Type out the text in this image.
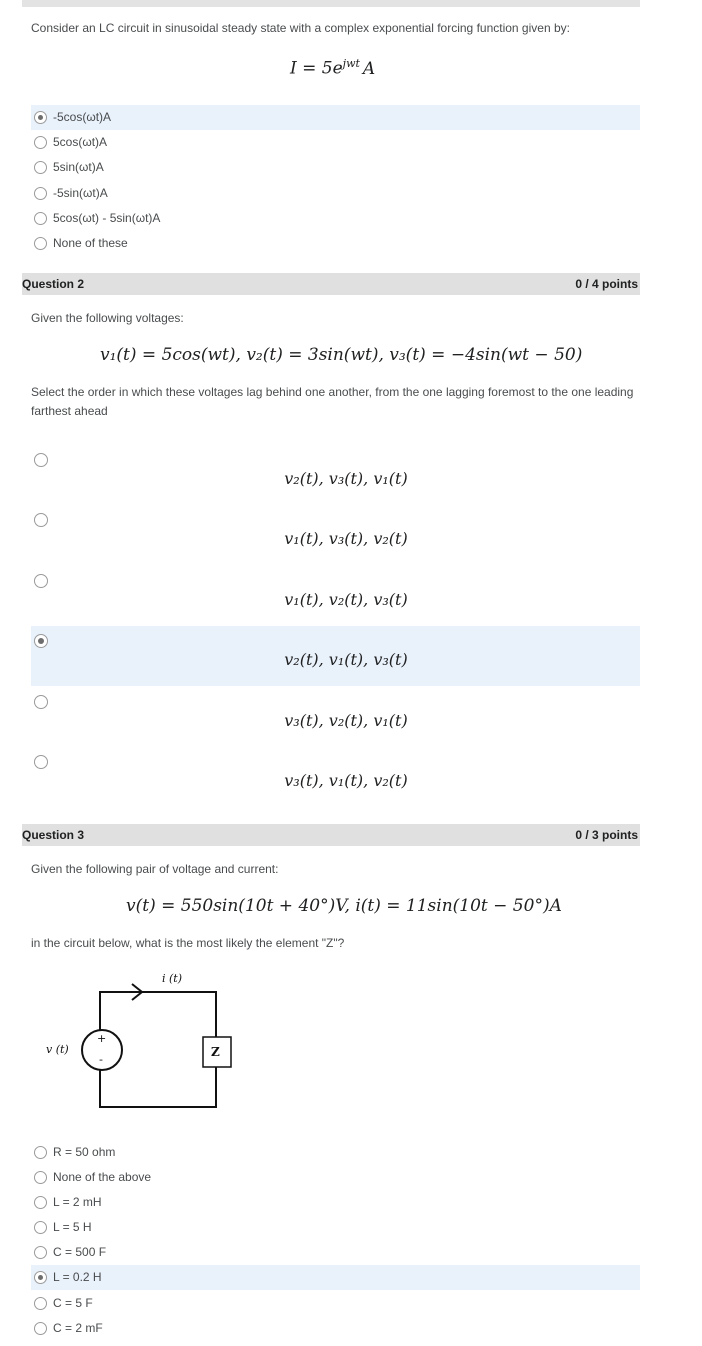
Consider an LC circuit in sinusoidal steady state with a complex exponential forcing function given by:
$I = 5e^{jwt}$ A
-5cos(ωt)A
5cos(ωt)A
5sin(ωt)A
-5sin(ωt)A
5cos(ωt) - 5sin(ωt)A
None of these
Question 2	0 / 4 points
Given the following voltages:
v₁(t) = 5cos(wt), v₂(t) = 3sin(wt), v₃(t) = −4sin(wt − 50)
Select the order in which these voltages lag behind one another, from the one lagging foremost to the one leading farthest ahead
v₂(t), v₃(t), v₁(t)
v₁(t), v₃(t), v₂(t)
v₁(t), v₂(t), v₃(t)
v₂(t), v₁(t), v₃(t)
v₃(t), v₂(t), v₁(t)
v₃(t), v₁(t), v₂(t)
Question 3	0 / 3 points
Given the following pair of voltage and current:
v(t) = 550sin(10t + 40°)V, i(t) = 11sin(10t − 50°)A
in the circuit below, what is the most likely the element "Z"?
i (t)
v (t)
+
-
Z
R = 50 ohm
None of the above
L = 2 mH
L = 5 H
C = 500 F
L = 0.2 H
C = 5 F
C = 2 mF
